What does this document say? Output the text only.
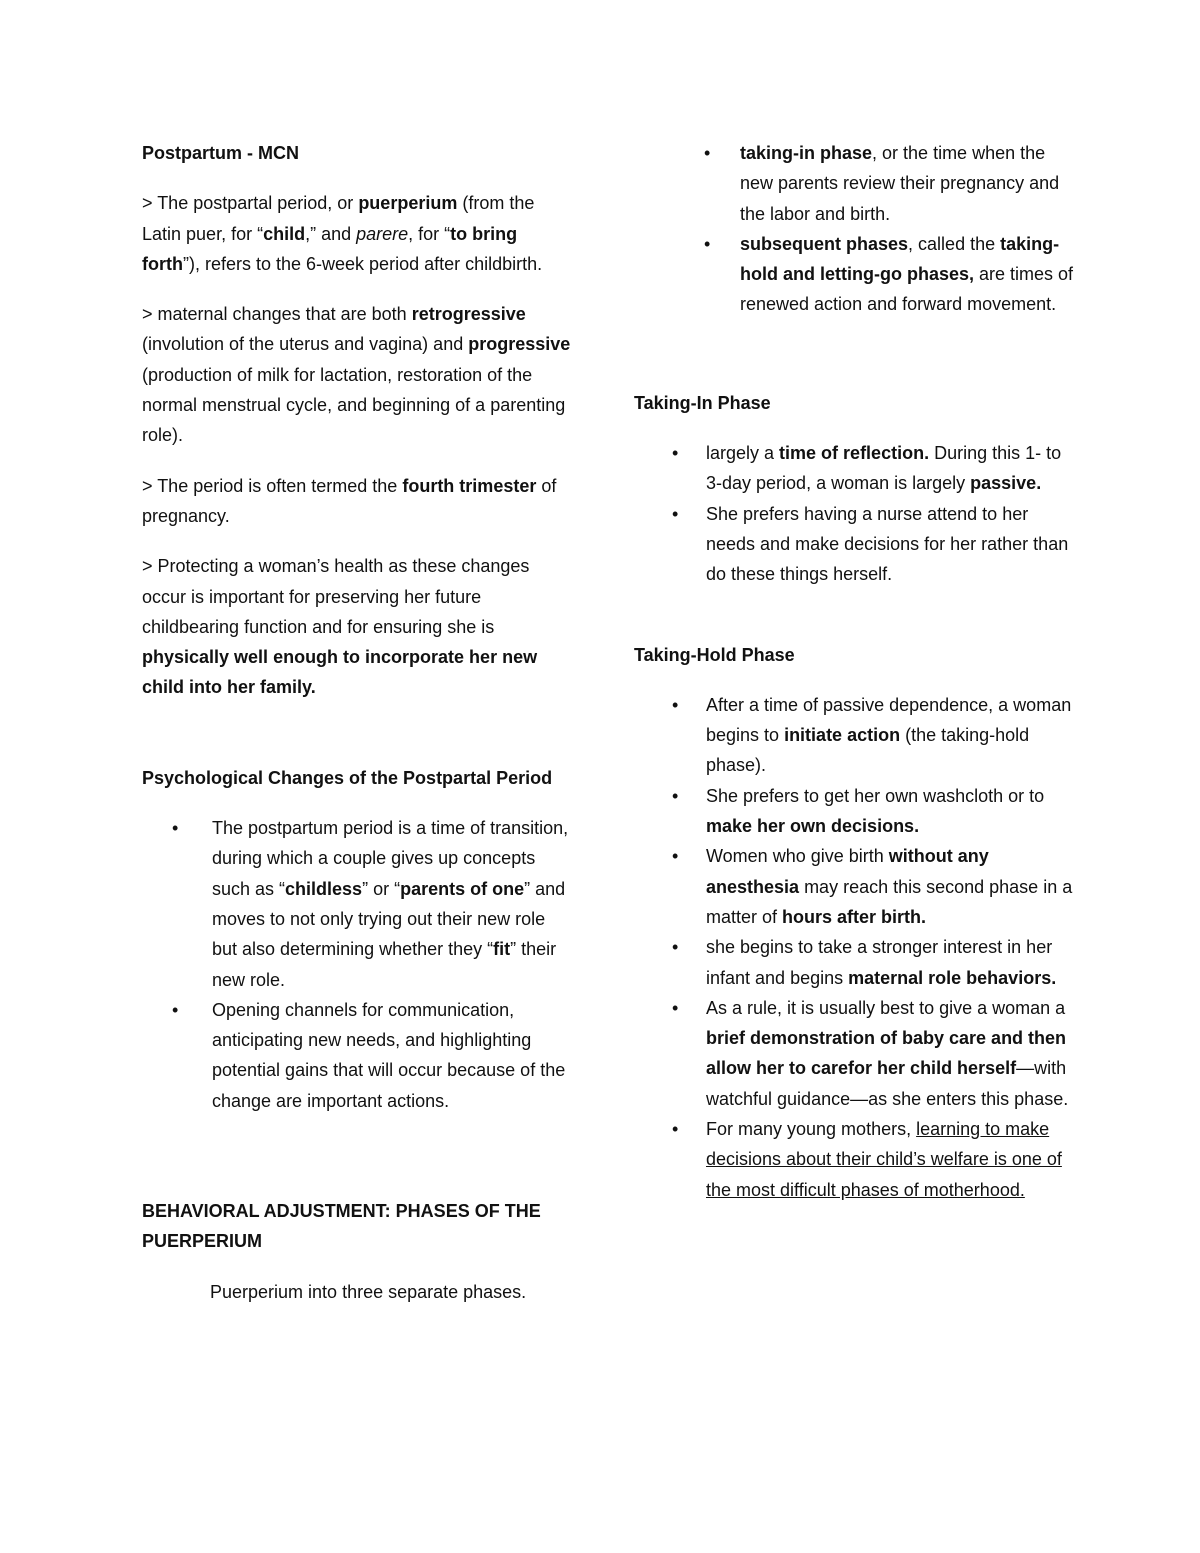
Postpartum - MCN

> The postpartal period, or puerperium (from the Latin puer, for “child,” and parere, for “to bring forth”), refers to the 6-week period after childbirth.

> maternal changes that are both retrogressive (involution of the uterus and vagina) and progressive (production of milk for lactation, restoration of the normal menstrual cycle, and beginning of a parenting role).

> The period is often termed the fourth trimester of pregnancy.

> Protecting a woman’s health as these changes occur is important for preserving her future childbearing function and for ensuring she is physically well enough to incorporate her new child into her family.

Psychological Changes of the Postpartal Period

• The postpartum period is a time of transition, during which a couple gives up concepts such as “childless” or “parents of one” and moves to not only trying out their new role but also determining whether they “fit” their new role.
• Opening channels for communication, anticipating new needs, and highlighting potential gains that will occur because of the change are important actions.

BEHAVIORAL ADJUSTMENT: PHASES OF THE PUERPERIUM

Puerperium into three separate phases.

• taking-in phase, or the time when the new parents review their pregnancy and the labor and birth.
• subsequent phases, called the taking-hold and letting-go phases, are times of renewed action and forward movement.

Taking-In Phase

• largely a time of reflection. During this 1- to 3-day period, a woman is largely passive.
• She prefers having a nurse attend to her needs and make decisions for her rather than do these things herself.

Taking-Hold Phase

• After a time of passive dependence, a woman begins to initiate action (the taking-hold phase).
• She prefers to get her own washcloth or to make her own decisions.
• Women who give birth without any anesthesia may reach this second phase in a matter of hours after birth.
• she begins to take a stronger interest in her infant and begins maternal role behaviors.
• As a rule, it is usually best to give a woman a brief demonstration of baby care and then allow her to carefor her child herself—with watchful guidance—as she enters this phase.
• For many young mothers, learning to make decisions about their child’s welfare is one of the most difficult phases of motherhood.
